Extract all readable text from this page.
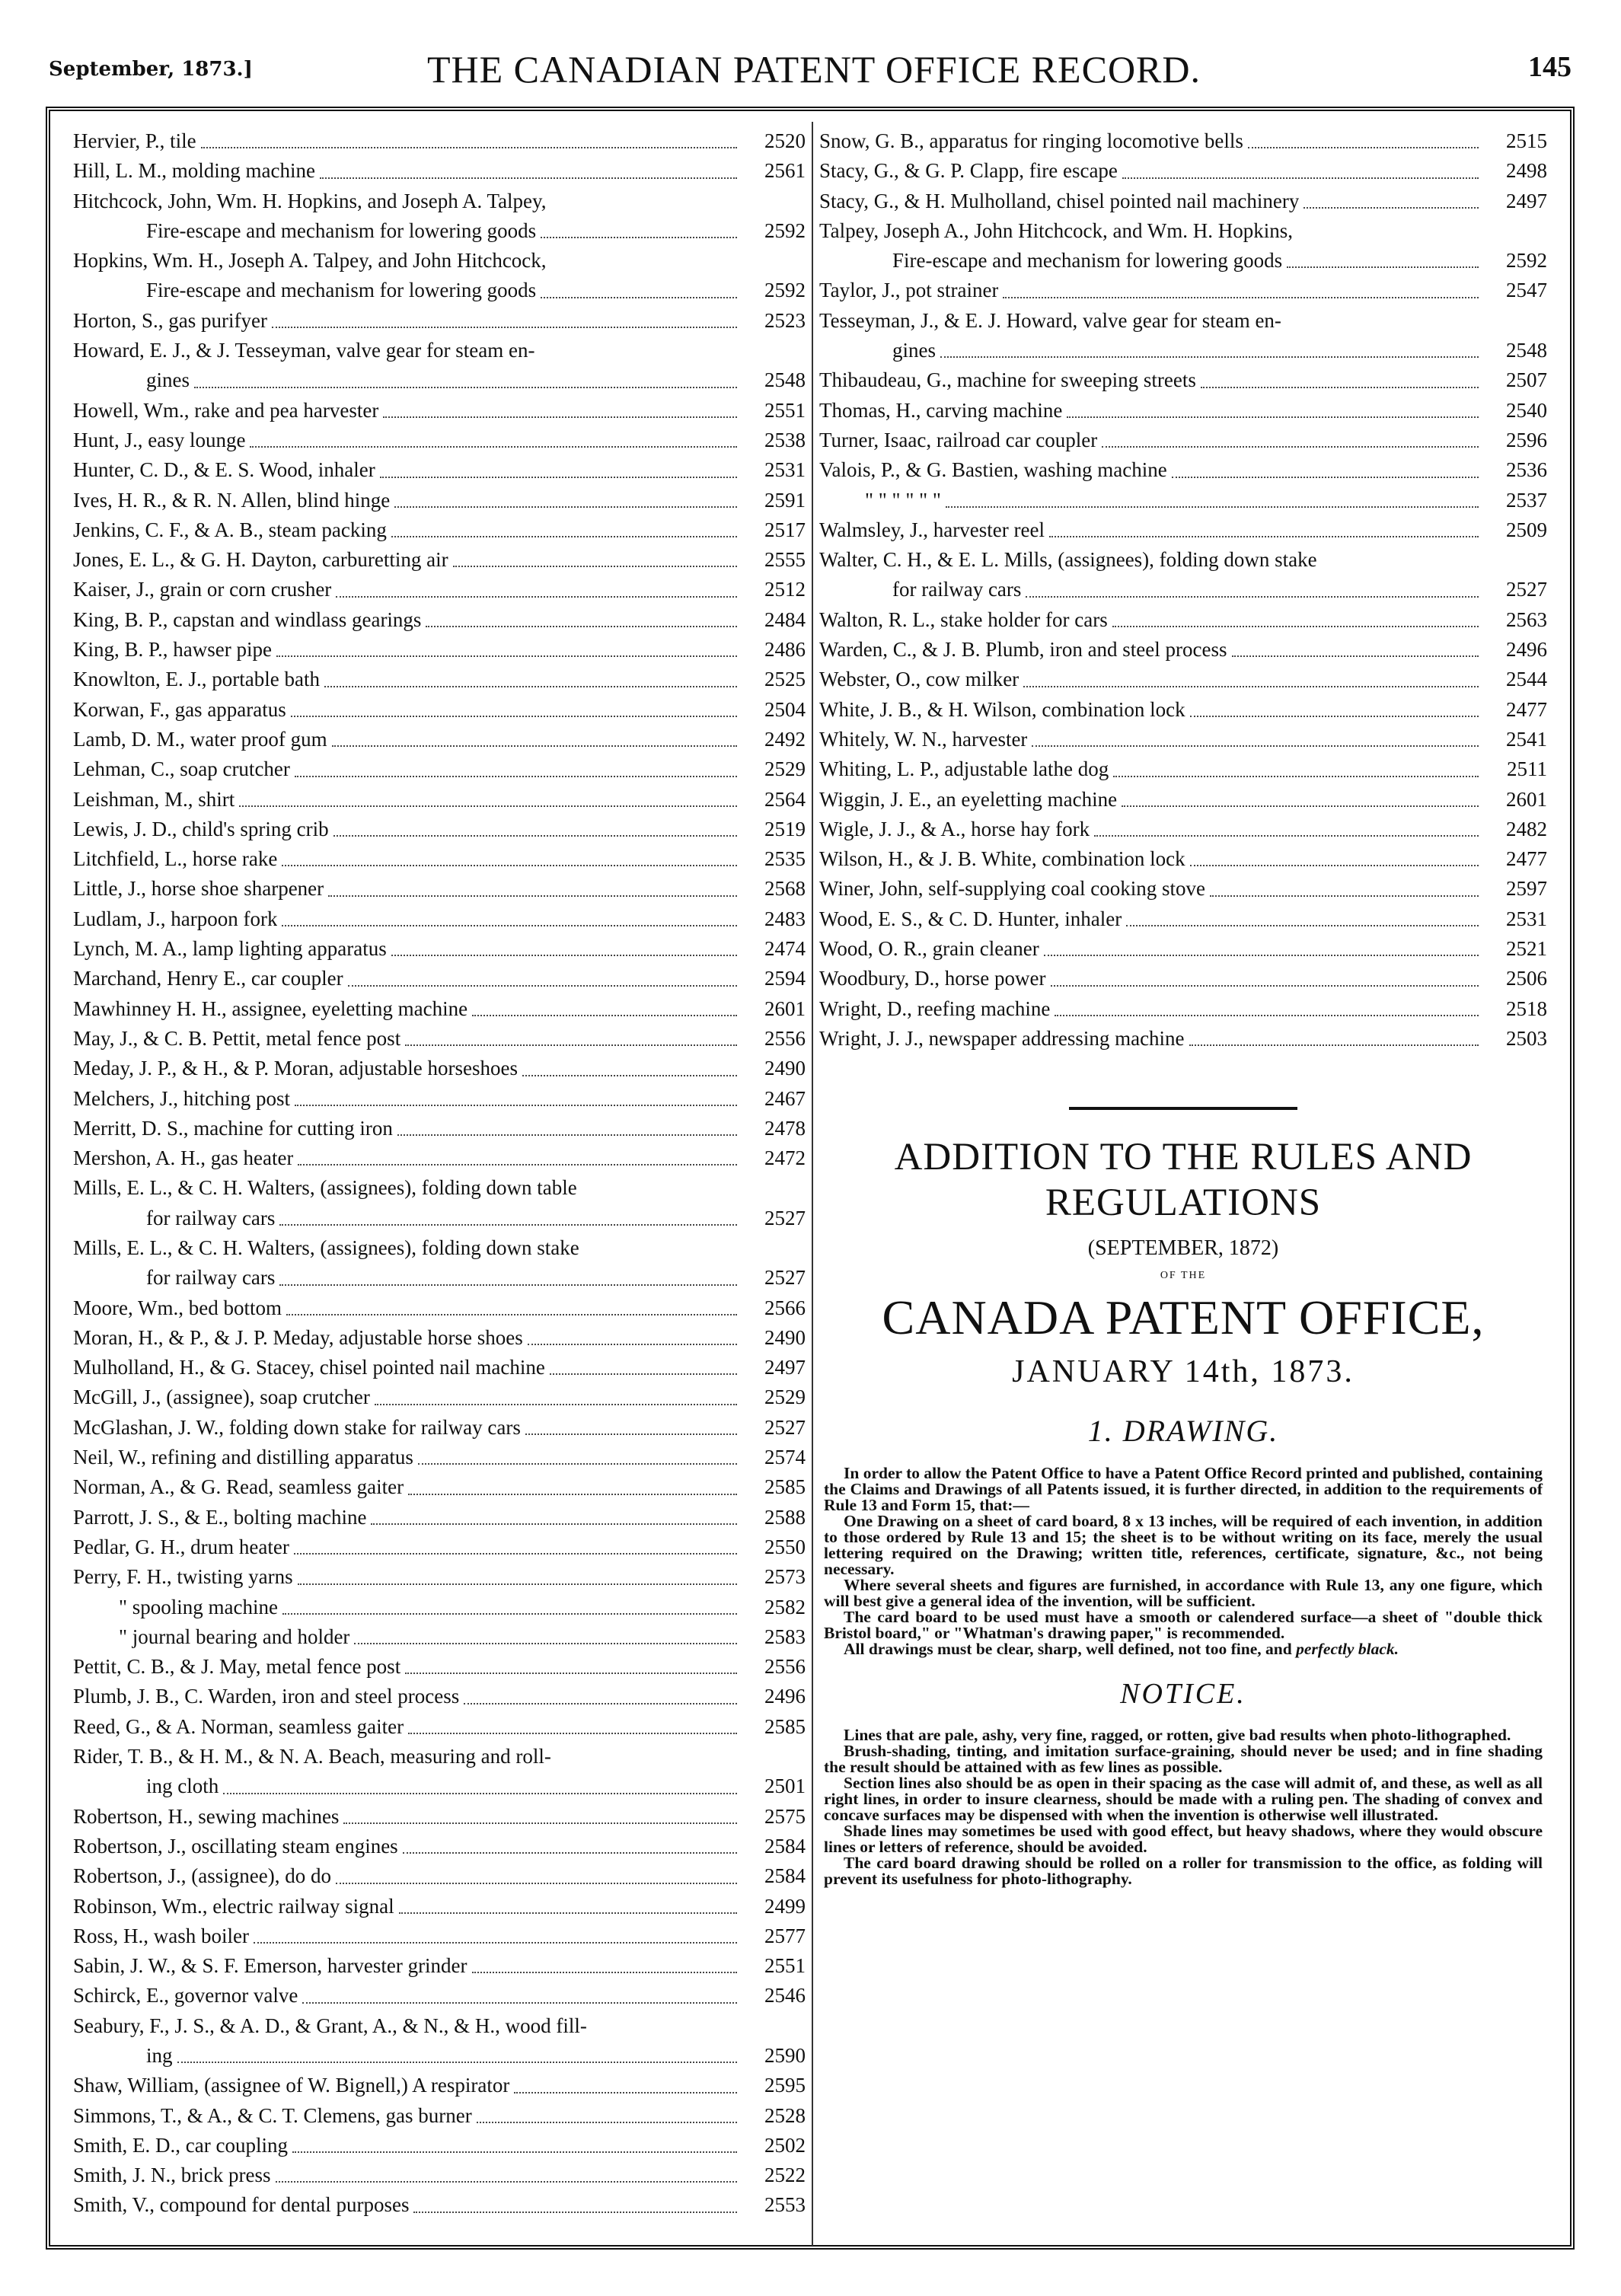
September, 1873.]	THE CANADIAN PATENT OFFICE RECORD.	145
Hervier, P., tile	2520
Hill, L. M., molding machine	2561
Hitchcock, John, Wm. H. Hopkins, and Joseph A. Talpey,
Fire-escape and mechanism for lowering goods	2592
Hopkins, Wm. H., Joseph A. Talpey, and John Hitchcock,
Fire-escape and mechanism for lowering goods	2592
Horton, S., gas purifyer	2523
Howard, E. J., & J. Tesseyman, valve gear for steam en-
gines	2548
Howell, Wm., rake and pea harvester	2551
Hunt, J., easy lounge	2538
Hunter, C. D., & E. S. Wood, inhaler	2531
Ives, H. R., & R. N. Allen, blind hinge	2591
Jenkins, C. F., & A. B., steam packing	2517
Jones, E. L., & G. H. Dayton, carburetting air	2555
Kaiser, J., grain or corn crusher	2512
King, B. P., capstan and windlass gearings	2484
King, B. P., hawser pipe	2486
Knowlton, E. J., portable bath	2525
Korwan, F., gas apparatus	2504
Lamb, D. M., water proof gum	2492
Lehman, C., soap crutcher	2529
Leishman, M., shirt	2564
Lewis, J. D., child's spring crib	2519
Litchfield, L., horse rake	2535
Little, J., horse shoe sharpener	2568
Ludlam, J., harpoon fork	2483
Lynch, M. A., lamp lighting apparatus	2474
Marchand, Henry E., car coupler	2594
Mawhinney H. H., assignee, eyeletting machine	2601
May, J., & C. B. Pettit, metal fence post	2556
Meday, J. P., & H., & P. Moran, adjustable horseshoes	2490
Melchers, J., hitching post	2467
Merritt, D. S., machine for cutting iron	2478
Mershon, A. H., gas heater	2472
Mills, E. L., & C. H. Walters, (assignees), folding down table
for railway cars	2527
Mills, E. L., & C. H. Walters, (assignees), folding down stake
for railway cars	2527
Moore, Wm., bed bottom	2566
Moran, H., & P., & J. P. Meday, adjustable horse shoes	2490
Mulholland, H., & G. Stacey, chisel pointed nail machine	2497
McGill, J., (assignee), soap crutcher	2529
McGlashan, J. W., folding down stake for railway cars	2527
Neil, W., refining and distilling apparatus	2574
Norman, A., & G. Read, seamless gaiter	2585
Parrott, J. S., & E., bolting machine	2588
Pedlar, G. H., drum heater	2550
Perry, F. H., twisting yarns	2573
" spooling machine	2582
" journal bearing and holder	2583
Pettit, C. B., & J. May, metal fence post	2556
Plumb, J. B., C. Warden, iron and steel process	2496
Reed, G., & A. Norman, seamless gaiter	2585
Rider, T. B., & H. M., & N. A. Beach, measuring and roll-
ing cloth	2501
Robertson, H., sewing machines	2575
Robertson, J., oscillating steam engines	2584
Robertson, J., (assignee), do do	2584
Robinson, Wm., electric railway signal	2499
Ross, H., wash boiler	2577
Sabin, J. W., & S. F. Emerson, harvester grinder	2551
Schirck, E., governor valve	2546
Seabury, F., J. S., & A. D., & Grant, A., & N., & H., wood fill-
ing	2590
Shaw, William, (assignee of W. Bignell,) A respirator	2595
Simmons, T., & A., & C. T. Clemens, gas burner	2528
Smith, E. D., car coupling	2502
Smith, J. N., brick press	2522
Smith, V., compound for dental purposes	2553
Snow, G. B., apparatus for ringing locomotive bells	2515
Stacy, G., & G. P. Clapp, fire escape	2498
Stacy, G., & H. Mulholland, chisel pointed nail machinery	2497
Talpey, Joseph A., John Hitchcock, and Wm. H. Hopkins,
Fire-escape and mechanism for lowering goods	2592
Taylor, J., pot strainer	2547
Tesseyman, J., & E. J. Howard, valve gear for steam en-
gines	2548
Thibaudeau, G., machine for sweeping streets	2507
Thomas, H., carving machine	2540
Turner, Isaac, railroad car coupler	2596
Valois, P., & G. Bastien, washing machine	2536
" " " " " "	2537
Walmsley, J., harvester reel	2509
Walter, C. H., & E. L. Mills, (assignees), folding down stake
for railway cars	2527
Walton, R. L., stake holder for cars	2563
Warden, C., & J. B. Plumb, iron and steel process	2496
Webster, O., cow milker	2544
White, J. B., & H. Wilson, combination lock	2477
Whitely, W. N., harvester	2541
Whiting, L. P., adjustable lathe dog	2511
Wiggin, J. E., an eyeletting machine	2601
Wigle, J. J., & A., horse hay fork	2482
Wilson, H., & J. B. White, combination lock	2477
Winer, John, self-supplying coal cooking stove	2597
Wood, E. S., & C. D. Hunter, inhaler	2531
Wood, O. R., grain cleaner	2521
Woodbury, D., horse power	2506
Wright, D., reefing machine	2518
Wright, J. J., newspaper addressing machine	2503
ADDITION TO THE RULES AND REGULATIONS
(SEPTEMBER, 1872)
OF THE
CANADA PATENT OFFICE,
JANUARY 14th, 1873.
1. DRAWING.

In order to allow the Patent Office to have a Patent Office Record printed and published, containing the Claims and Drawings of all Patents issued, it is further directed, in addition to the requirements of Rule 13 and Form 15, that:—

One Drawing on a sheet of card board, 8 x 13 inches, will be required of each invention, in addition to those ordered by Rule 13 and 15; the sheet is to be without writing on its face, merely the usual lettering required on the Drawing; written title, references, certificate, signature, &c., not being necessary.

Where several sheets and figures are furnished, in accordance with Rule 13, any one figure, which will best give a general idea of the invention, will be sufficient.

The card board to be used must have a smooth or calendered surface—a sheet of "double thick Bristol board," or "Whatman's drawing paper," is recommended.

All drawings must be clear, sharp, well defined, not too fine, and perfectly black.

NOTICE.

Lines that are pale, ashy, very fine, ragged, or rotten, give bad results when photo-lithographed.

Brush-shading, tinting, and imitation surface-graining, should never be used; and in fine shading the result should be attained with as few lines as possible.

Section lines also should be as open in their spacing as the case will admit of, and these, as well as all right lines, in order to insure clearness, should be made with a ruling pen. The shading of convex and concave surfaces may be dispensed with when the invention is otherwise well illustrated.

Shade lines may sometimes be used with good effect, but heavy shadows, where they would obscure lines or letters of reference, should be avoided.

The card board drawing should be rolled on a roller for transmission to the office, as folding will prevent its usefulness for photo-lithography.
